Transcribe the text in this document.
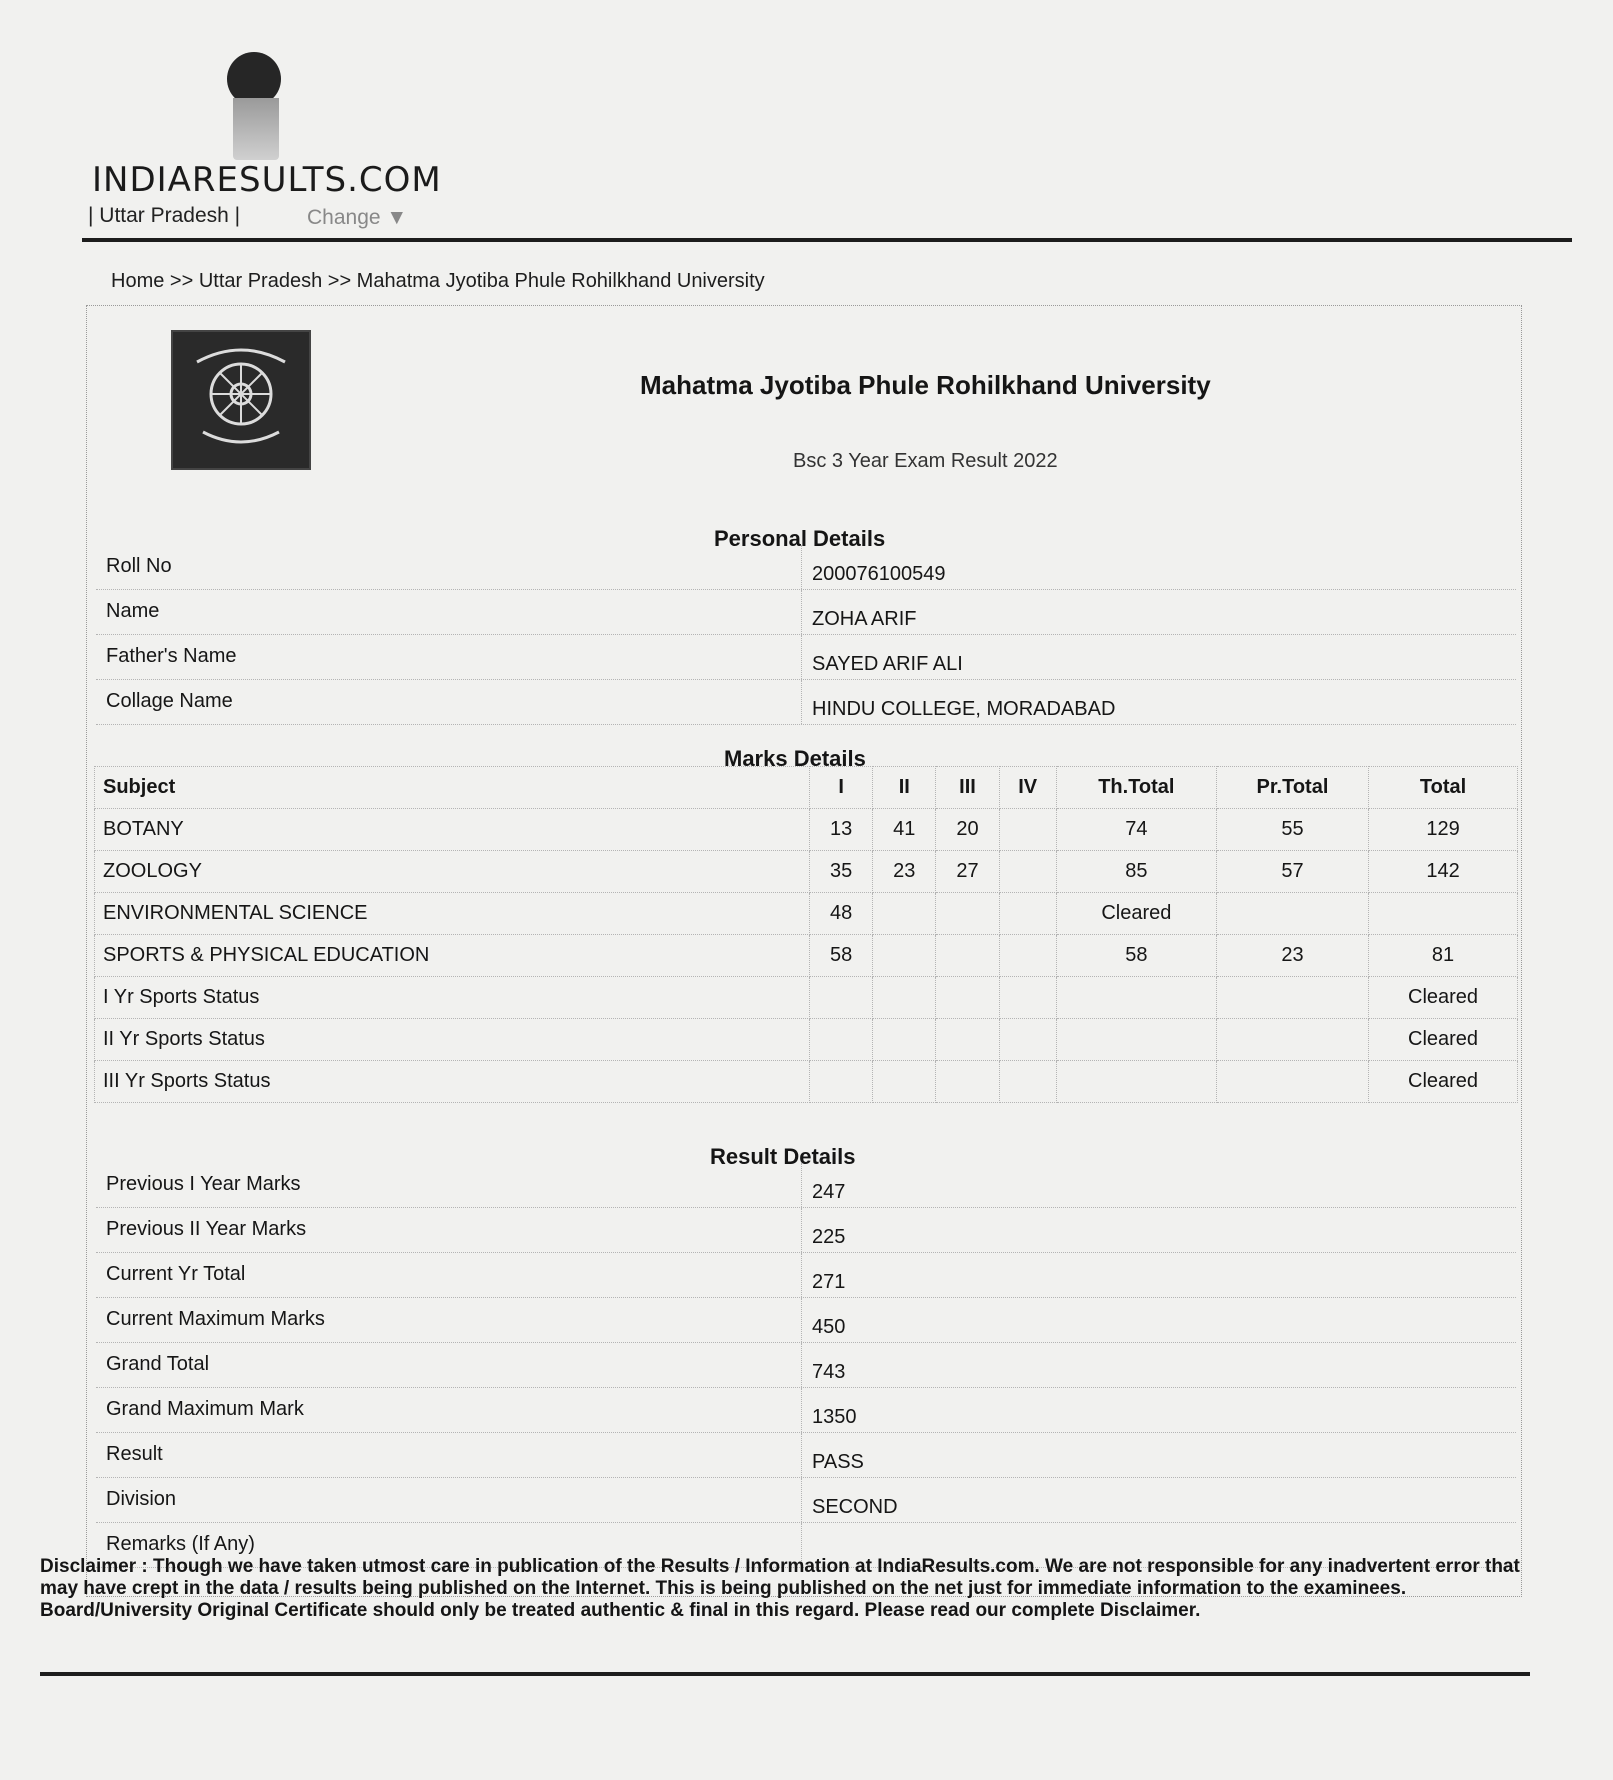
INDIARESULTS.COM
| Uttar Pradesh |	Change ▼
Home >> Uttar Pradesh >> Mahatma Jyotiba Phule Rohilkhand University
Mahatma Jyotiba Phule Rohilkhand University
Bsc 3 Year Exam Result 2022
Personal Details
Roll No	200076100549
Name	ZOHA ARIF
Father's Name	SAYED ARIF ALI
Collage Name	HINDU COLLEGE, MORADABAD
Marks Details
Subject	I	II	III	IV	Th.Total	Pr.Total	Total
BOTANY	13	41	20		74	55	129
ZOOLOGY	35	23	27		85	57	142
ENVIRONMENTAL SCIENCE	48				Cleared		
SPORTS & PHYSICAL EDUCATION	58				58	23	81
I Yr Sports Status							Cleared
II Yr Sports Status							Cleared
III Yr Sports Status							Cleared
Result Details
Previous I Year Marks	247
Previous II Year Marks	225
Current Yr Total	271
Current Maximum Marks	450
Grand Total	743
Grand Maximum Mark	1350
Result	PASS
Division	SECOND
Remarks (If Any)
Disclaimer : Though we have taken utmost care in publication of the Results / Information at IndiaResults.com. We are not responsible for any inadvertent error that may have crept in the data / results being published on the Internet. This is being published on the net just for immediate information to the examinees. Board/University Original Certificate should only be treated authentic & final in this regard. Please read our complete Disclaimer.
